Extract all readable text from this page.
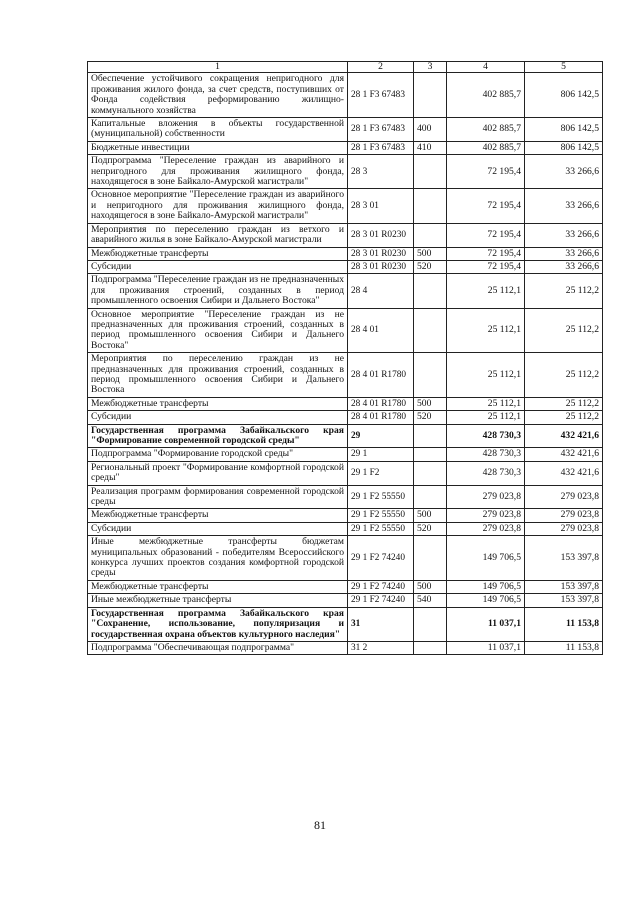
1	2	3	4	5
Обеспечение устойчивого сокращения непригодного для проживания жилого фонда, за счет средств, поступивших от Фонда содействия реформированию жилищно-коммунального хозяйства	28 1 F3 67483		402 885,7	806 142,5
Капитальные вложения в объекты государственной (муниципальной) собственности	28 1 F3 67483	400	402 885,7	806 142,5
Бюджетные инвестиции	28 1 F3 67483	410	402 885,7	806 142,5
Подпрограмма "Переселение граждан из аварийного и непригодного для проживания жилищного фонда, находящегося в зоне Байкало-Амурской магистрали"	28 3		72 195,4	33 266,6
Основное мероприятие "Переселение граждан из аварийного и непригодного для проживания жилищного фонда, находящегося в зоне Байкало-Амурской магистрали"	28 3 01		72 195,4	33 266,6
Мероприятия по переселению граждан из ветхого и аварийного жилья в зоне Байкало-Амурской магистрали	28 3 01 R0230		72 195,4	33 266,6
Межбюджетные трансферты	28 3 01 R0230	500	72 195,4	33 266,6
Субсидии	28 3 01 R0230	520	72 195,4	33 266,6
Подпрограмма "Переселение граждан из не предназначенных для проживания строений, созданных в период промышленного освоения Сибири и Дальнего Востока"	28 4		25 112,1	25 112,2
Основное мероприятие "Переселение граждан из не предназначенных для проживания строений, созданных в период промышленного освоения Сибири и Дальнего Востока"	28 4 01		25 112,1	25 112,2
Мероприятия по переселению граждан из не предназначенных для проживания строений, созданных в период промышленного освоения Сибири и Дальнего Востока	28 4 01 R1780		25 112,1	25 112,2
Межбюджетные трансферты	28 4 01 R1780	500	25 112,1	25 112,2
Субсидии	28 4 01 R1780	520	25 112,1	25 112,2
Государственная программа Забайкальского края "Формирование современной городской среды"	29		428 730,3	432 421,6
Подпрограмма "Формирование городской среды"	29 1		428 730,3	432 421,6
Региональный проект "Формирование комфортной городской среды"	29 1 F2		428 730,3	432 421,6
Реализация программ формирования современной городской среды	29 1 F2 55550		279 023,8	279 023,8
Межбюджетные трансферты	29 1 F2 55550	500	279 023,8	279 023,8
Субсидии	29 1 F2 55550	520	279 023,8	279 023,8
Иные межбюджетные трансферты бюджетам муниципальных образований - победителям Всероссийского конкурса лучших проектов создания комфортной городской среды	29 1 F2 74240		149 706,5	153 397,8
Межбюджетные трансферты	29 1 F2 74240	500	149 706,5	153 397,8
Иные межбюджетные трансферты	29 1 F2 74240	540	149 706,5	153 397,8
Государственная программа Забайкальского края "Сохранение, использование, популяризация и государственная охрана объектов культурного наследия"	31		11 037,1	11 153,8
Подпрограмма "Обеспечивающая подпрограмма"	31 2		11 037,1	11 153,8
81
